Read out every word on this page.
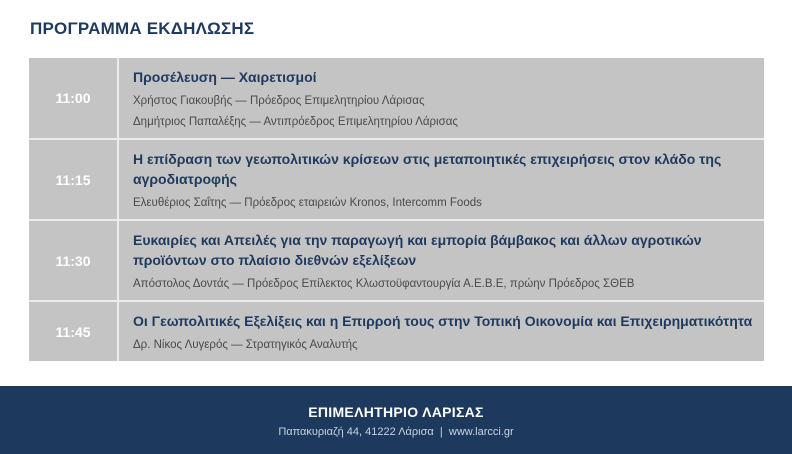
ΠΡΟΓΡΑΜΜΑ ΕΚΔΗΛΩΣΗΣ
11:00
Προσέλευση — Χαιρετισμοί
Χρήστος Γιακουβής — Πρόεδρος Επιμελητηρίου Λάρισας
Δημήτριος Παπαλέξης — Αντιπρόεδρος Επιμελητηρίου Λάρισας
11:15
Η επίδραση των γεωπολιτικών κρίσεων στις μεταποιητικές επιχειρήσεις στον κλάδο της αγροδιατροφής
Ελευθέριος Σαΐτης — Πρόεδρος εταιρειών Kronos, Intercomm Foods
11:30
Ευκαιρίες και Απειλές για την παραγωγή και εμπορία βάμβακος και άλλων αγροτικών προϊόντων στο πλαίσιο διεθνών εξελίξεων
Απόστολος Δοντάς — Πρόεδρος Επίλεκτος Κλωστοϋφαντουργία Α.Ε.Β.Ε, πρώην Πρόεδρος ΣΘΕΒ
11:45
Οι Γεωπολιτικές Εξελίξεις και η Επιρροή τους στην Τοπική Οικονομία και Επιχειρηματικότητα
Δρ. Νίκος Λυγερός — Στρατηγικός Αναλυτής
ΕΠΙΜΕΛΗΤΗΡΙΟ ΛΑΡΙΣΑΣ
Παπακυριαζή 44, 41222 Λάρισα | www.larcci.gr
